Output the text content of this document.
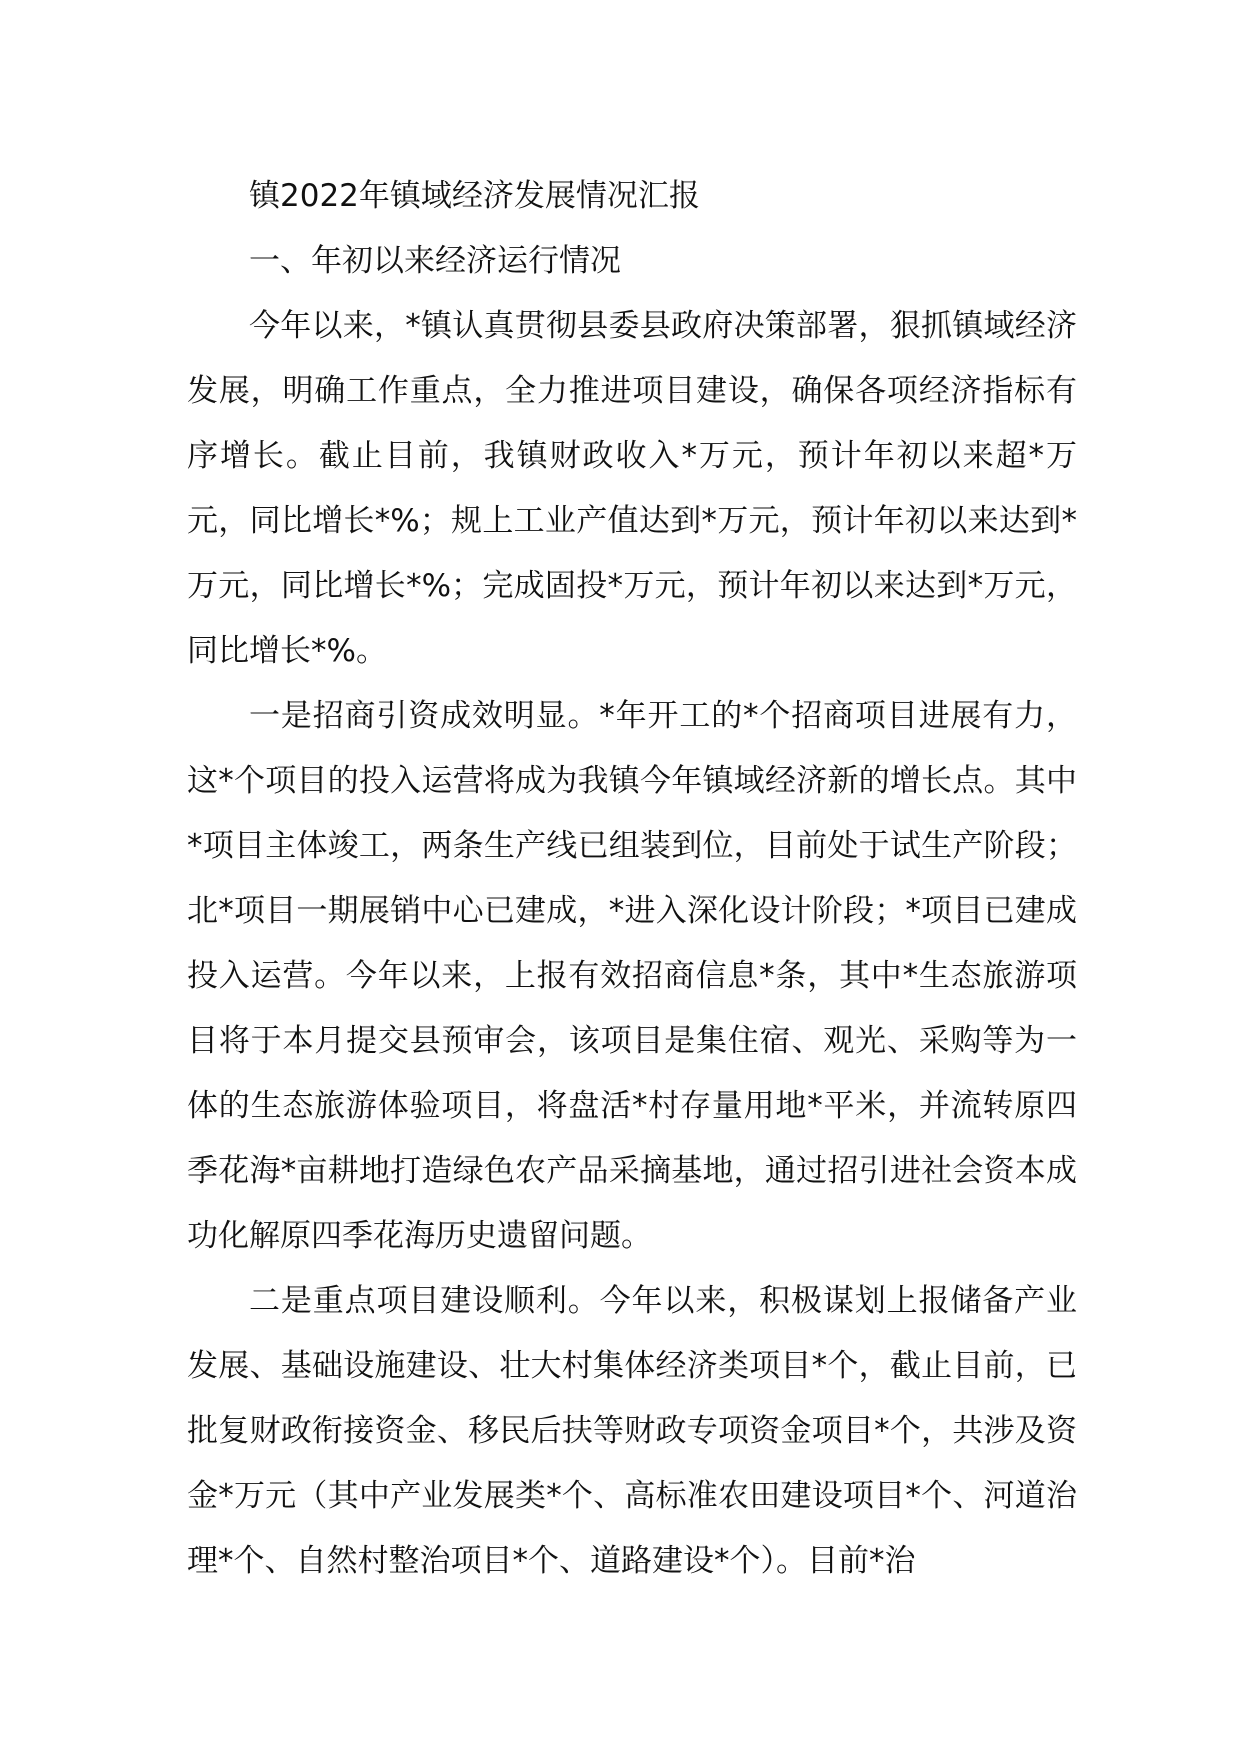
镇2022年镇域经济发展情况汇报

一、年初以来经济运行情况

今年以来，*镇认真贯彻县委县政府决策部署，狠抓镇域经济发展，明确工作重点，全力推进项目建设，确保各项经济指标有序增长。截止目前，我镇财政收入*万元，预计年初以来超*万元，同比增长*%；规上工业产值达到*万元，预计年初以来达到*万元，同比增长*%；完成固投*万元，预计年初以来达到*万元，同比增长*%。

一是招商引资成效明显。*年开工的*个招商项目进展有力，这*个项目的投入运营将成为我镇今年镇域经济新的增长点。其中*项目主体竣工，两条生产线已组装到位，目前处于试生产阶段；北*项目一期展销中心已建成，*进入深化设计阶段；*项目已建成投入运营。今年以来，上报有效招商信息*条，其中*生态旅游项目将于本月提交县预审会，该项目是集住宿、观光、采购等为一体的生态旅游体验项目，将盘活*村存量用地*平米，并流转原四季花海*亩耕地打造绿色农产品采摘基地，通过招引进社会资本成功化解原四季花海历史遗留问题。

二是重点项目建设顺利。今年以来，积极谋划上报储备产业发展、基础设施建设、壮大村集体经济类项目*个，截止目前，已批复财政衔接资金、移民后扶等财政专项资金项目*个，共涉及资金*万元（其中产业发展类*个、高标准农田建设项目*个、河道治理*个、自然村整治项目*个、道路建设*个）。目前*治
